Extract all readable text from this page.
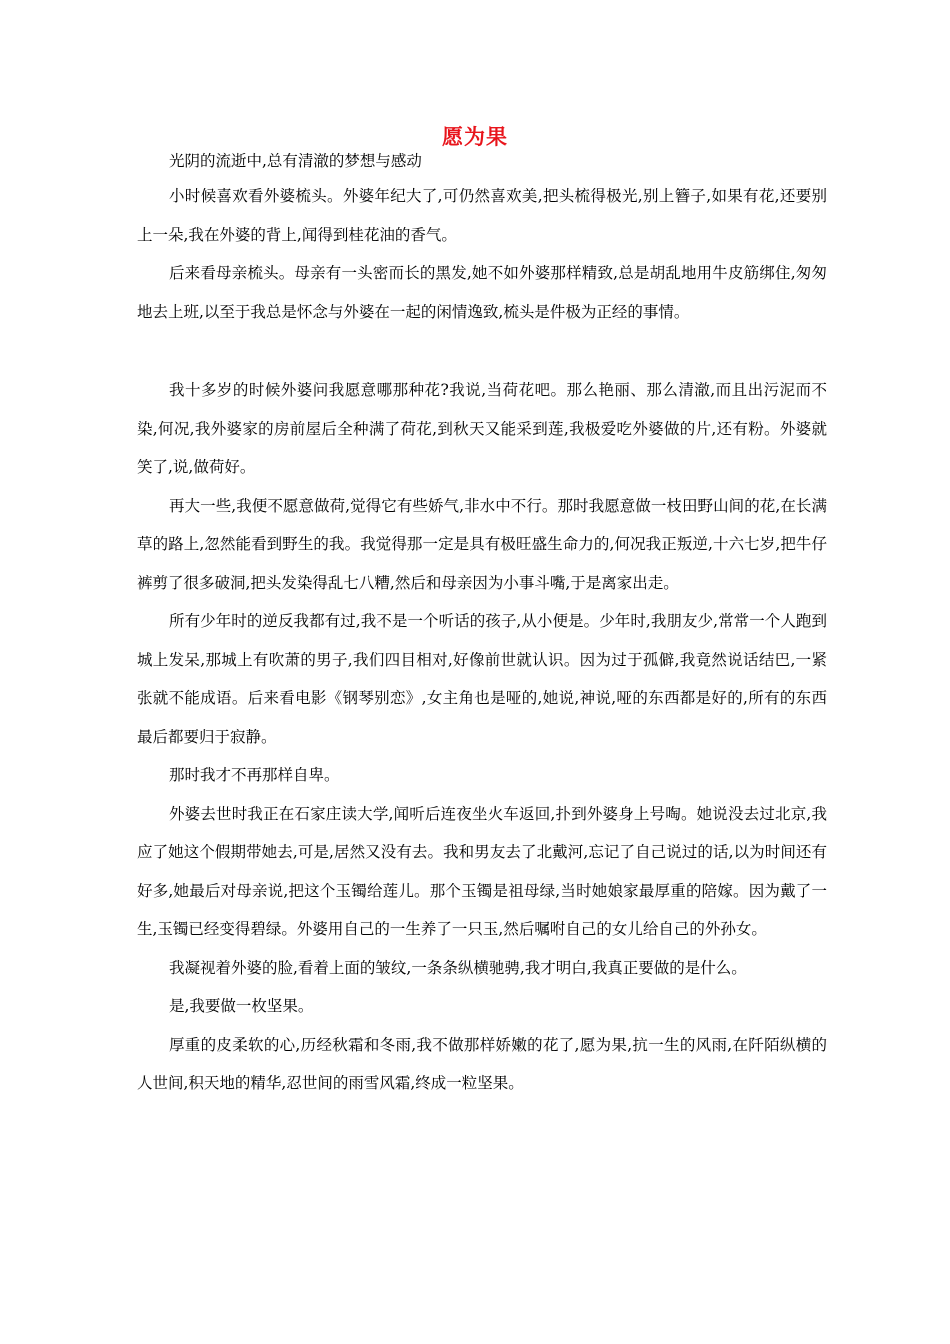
愿为果

光阴的流逝中,总有清澈的梦想与感动

小时候喜欢看外婆梳头。外婆年纪大了,可仍然喜欢美,把头梳得极光,别上簪子,如果有花,还要别上一朵,我在外婆的背上,闻得到桂花油的香气。

后来看母亲梳头。母亲有一头密而长的黑发,她不如外婆那样精致,总是胡乱地用牛皮筋绑住,匆匆地去上班,以至于我总是怀念与外婆在一起的闲情逸致,梳头是件极为正经的事情。

我十多岁的时候外婆问我愿意哪那种花?我说,当荷花吧。那么艳丽、那么清澈,而且出污泥而不染,何况,我外婆家的房前屋后全种满了荷花,到秋天又能采到莲,我极爱吃外婆做的片,还有粉。外婆就笑了,说,做荷好。

再大一些,我便不愿意做荷,觉得它有些娇气,非水中不行。那时我愿意做一枝田野山间的花,在长满草的路上,忽然能看到野生的我。我觉得那一定是具有极旺盛生命力的,何况我正叛逆,十六七岁,把牛仔裤剪了很多破洞,把头发染得乱七八糟,然后和母亲因为小事斗嘴,于是离家出走。

所有少年时的逆反我都有过,我不是一个听话的孩子,从小便是。少年时,我朋友少,常常一个人跑到城上发呆,那城上有吹萧的男子,我们四目相对,好像前世就认识。因为过于孤僻,我竟然说话结巴,一紧张就不能成语。后来看电影《钢琴别恋》,女主角也是哑的,她说,神说,哑的东西都是好的,所有的东西最后都要归于寂静。

那时我才不再那样自卑。

外婆去世时我正在石家庄读大学,闻听后连夜坐火车返回,扑到外婆身上号啕。她说没去过北京,我应了她这个假期带她去,可是,居然又没有去。我和男友去了北戴河,忘记了自己说过的话,以为时间还有好多,她最后对母亲说,把这个玉镯给莲儿。那个玉镯是祖母绿,当时她娘家最厚重的陪嫁。因为戴了一生,玉镯已经变得碧绿。外婆用自己的一生养了一只玉,然后嘱咐自己的女儿给自己的外孙女。

我凝视着外婆的脸,看着上面的皱纹,一条条纵横驰骋,我才明白,我真正要做的是什么。

是,我要做一枚坚果。

厚重的皮柔软的心,历经秋霜和冬雨,我不做那样娇嫩的花了,愿为果,抗一生的风雨,在阡陌纵横的人世间,积天地的精华,忍世间的雨雪风霜,终成一粒坚果。
